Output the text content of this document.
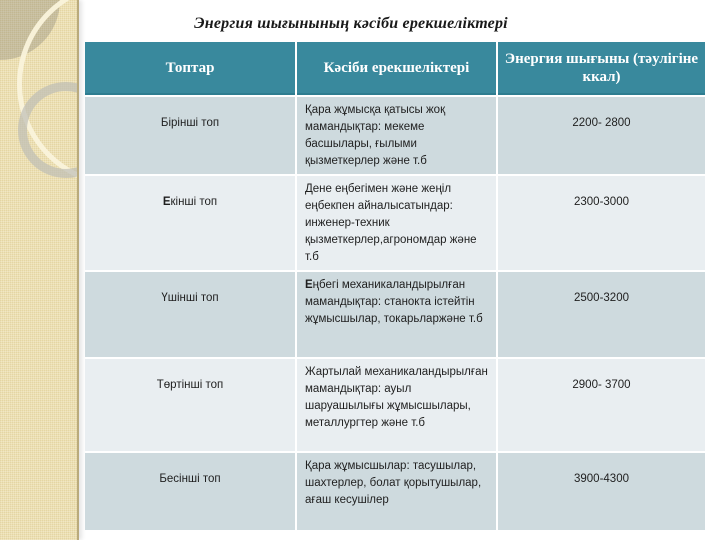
Энергия шығынының кәсіби ерекшеліктері
Топтар	Кәсіби ерекшеліктері
Энергия шығыны (тәулігіне ккал)
Бірінші топ
Қара жұмысқа қатысы жоқ мамандықтар: мекеме басшылары, ғылыми қызметкерлер және т.б
2200- 2800
Екінші топ
Дене еңбегімен және жеңіл еңбекпен айналысатындар: инженер-техник қызметкерлер,агрономдар және т.б
2300-3000
Үшінші топ
Еңбегі механикаландырылған мамандықтар: станокта істейтін жұмысшылар, токарьларжәне т.б
2500-3200
Төртінші топ
Жартылай механикаландырылған мамандықтар: ауыл шаруашылығы жұмысшылары, металлургтер және т.б
2900- 3700
Бесінші топ
Қара жұмысшылар: тасушылар, шахтерлер, болат қорытушылар, ағаш кесушілер
3900-4300
